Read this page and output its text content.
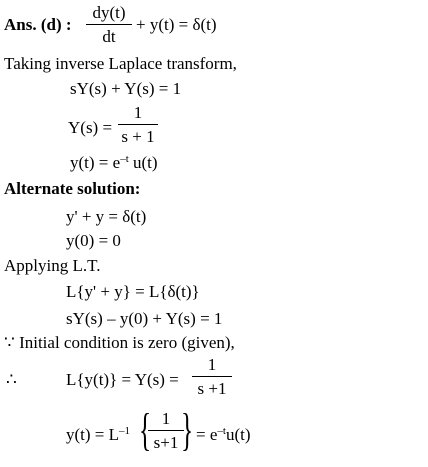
Ans. (d) :
dy(t)
dt
+ y(t) = δ(t)
Taking inverse Laplace transform,
sY(s) + Y(s) = 1
Y(s) =
1
s + 1
$y(t) = e^{-t}$ u(t)
Alternate solution:
y' + y = δ(t)
y(0) = 0
Applying L.T.
L{y' + y} = L{δ(t)}
sY(s) – y(0) + Y(s) = 1
∵ Initial condition is zero (given),
∴	L{y(t)} = Y(s) =
1
s +1
$y(t) = L^{-1}$ { 1
s+1 } = $e^{-t}u(t)$
